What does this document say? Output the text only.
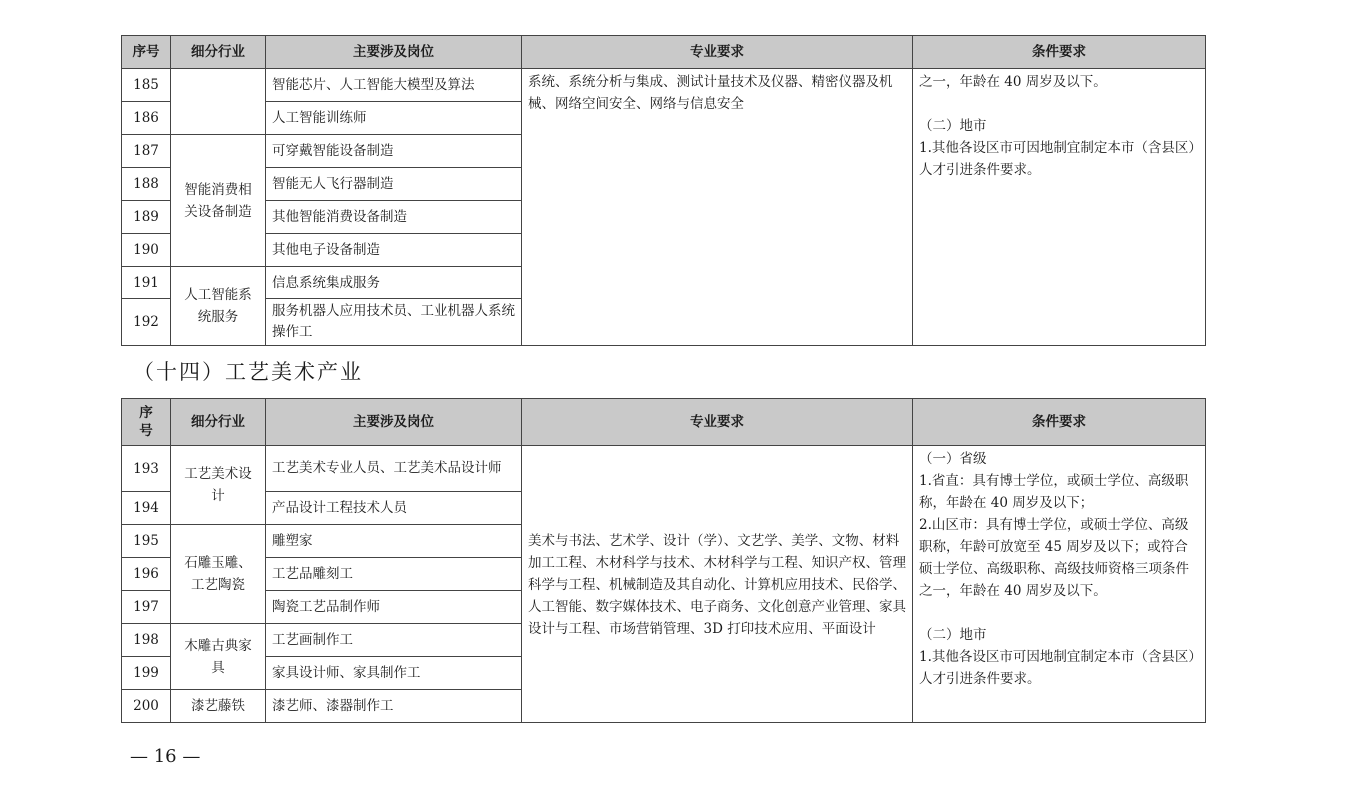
序号	细分行业	主要涉及岗位	专业要求	条件要求
185		智能芯片、人工智能大模型及算法	系统、系统分析与集成、测试计量技术及仪器、精密仪器及机械、网络空间安全、网络与信息安全	之一，年龄在 40 周岁及以下。
（二）地市
1.其他各设区市可因地制宜制定本市（含县区）人才引进条件要求。

186		人工智能训练师		
187	智能消费相关设备制造	可穿戴智能设备制造		
188		智能无人飞行器制造		
189		其他智能消费设备制造		
190		其他电子设备制造		
191	人工智能系统服务	信息系统集成服务		
192		服务机器人应用技术员、工业机器人系统操作工		
（十四）工艺美术产业
序
号	细分行业	主要涉及岗位	专业要求	条件要求
193	工艺美术设计	工艺美术专业人员、工艺美术品设计师	美术与书法、艺术学、设计（学）、文艺学、美学、文物、材料加工工程、木材科学与技术、木材科学与工程、知识产权、管理科学与工程、机械制造及其自动化、计算机应用技术、民俗学、人工智能、数字媒体技术、电子商务、文化创意产业管理、家具设计与工程、市场营销管理、3D 打印技术应用、平面设计	（一）省级
1.省直：具有博士学位，或硕士学位、高级职称，年龄在 40 周岁及以下；
2.山区市：具有博士学位，或硕士学位、高级职称，年龄可放宽至 45 周岁及以下；或符合硕士学位、高级职称、高级技师资格三项条件之一，年龄在 40 周岁及以下。
（二）地市
1.其他各设区市可因地制宜制定本市（含县区）人才引进条件要求。

194		产品设计工程技术人员		
195	石雕玉雕、工艺陶瓷	雕塑家		
196		工艺品雕刻工		
197		陶瓷工艺品制作师		
198	木雕古典家具	工艺画制作工		
199		家具设计师、家具制作工		
200	漆艺藤铁	漆艺师、漆器制作工		
— 16 —
